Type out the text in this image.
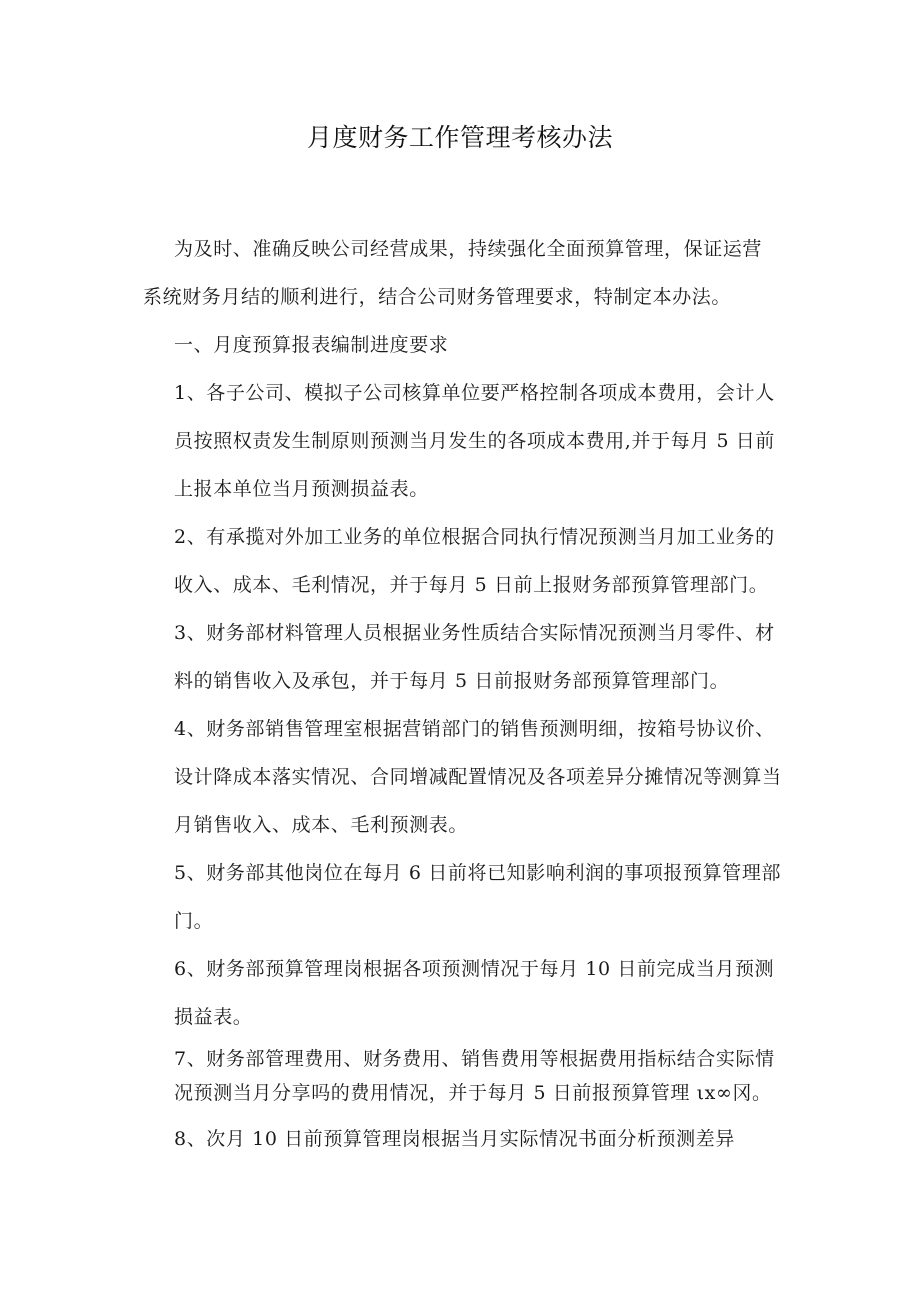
月度财务工作管理考核办法
为及时、准确反映公司经营成果，持续强化全面预算管理，保证运营
系统财务月结的顺利进行，结合公司财务管理要求，特制定本办法。
一、月度预算报表编制进度要求
1、各子公司、模拟子公司核算单位要严格控制各项成本费用，会计人
员按照权责发生制原则预测当月发生的各项成本费用,并于每月 5 日前
上报本单位当月预测损益表。
2、有承揽对外加工业务的单位根据合同执行情况预测当月加工业务的
收入、成本、毛利情况，并于每月 5 日前上报财务部预算管理部门。
3、财务部材料管理人员根据业务性质结合实际情况预测当月零件、材
料的销售收入及承包，并于每月 5 日前报财务部预算管理部门。
4、财务部销售管理室根据营销部门的销售预测明细，按箱号协议价、
设计降成本落实情况、合同增减配置情况及各项差异分摊情况等测算当
月销售收入、成本、毛利预测表。
5、财务部其他岗位在每月 6 日前将已知影响利润的事项报预算管理部
门。
6、财务部预算管理岗根据各项预测情况于每月 10 日前完成当月预测
损益表。
7、财务部管理费用、财务费用、销售费用等根据费用指标结合实际情
况预测当月分享吗的费用情况，并于每月 5 日前报预算管理 ιx∞冈。
8、次月 10 日前预算管理岗根据当月实际情况书面分析预测差异
